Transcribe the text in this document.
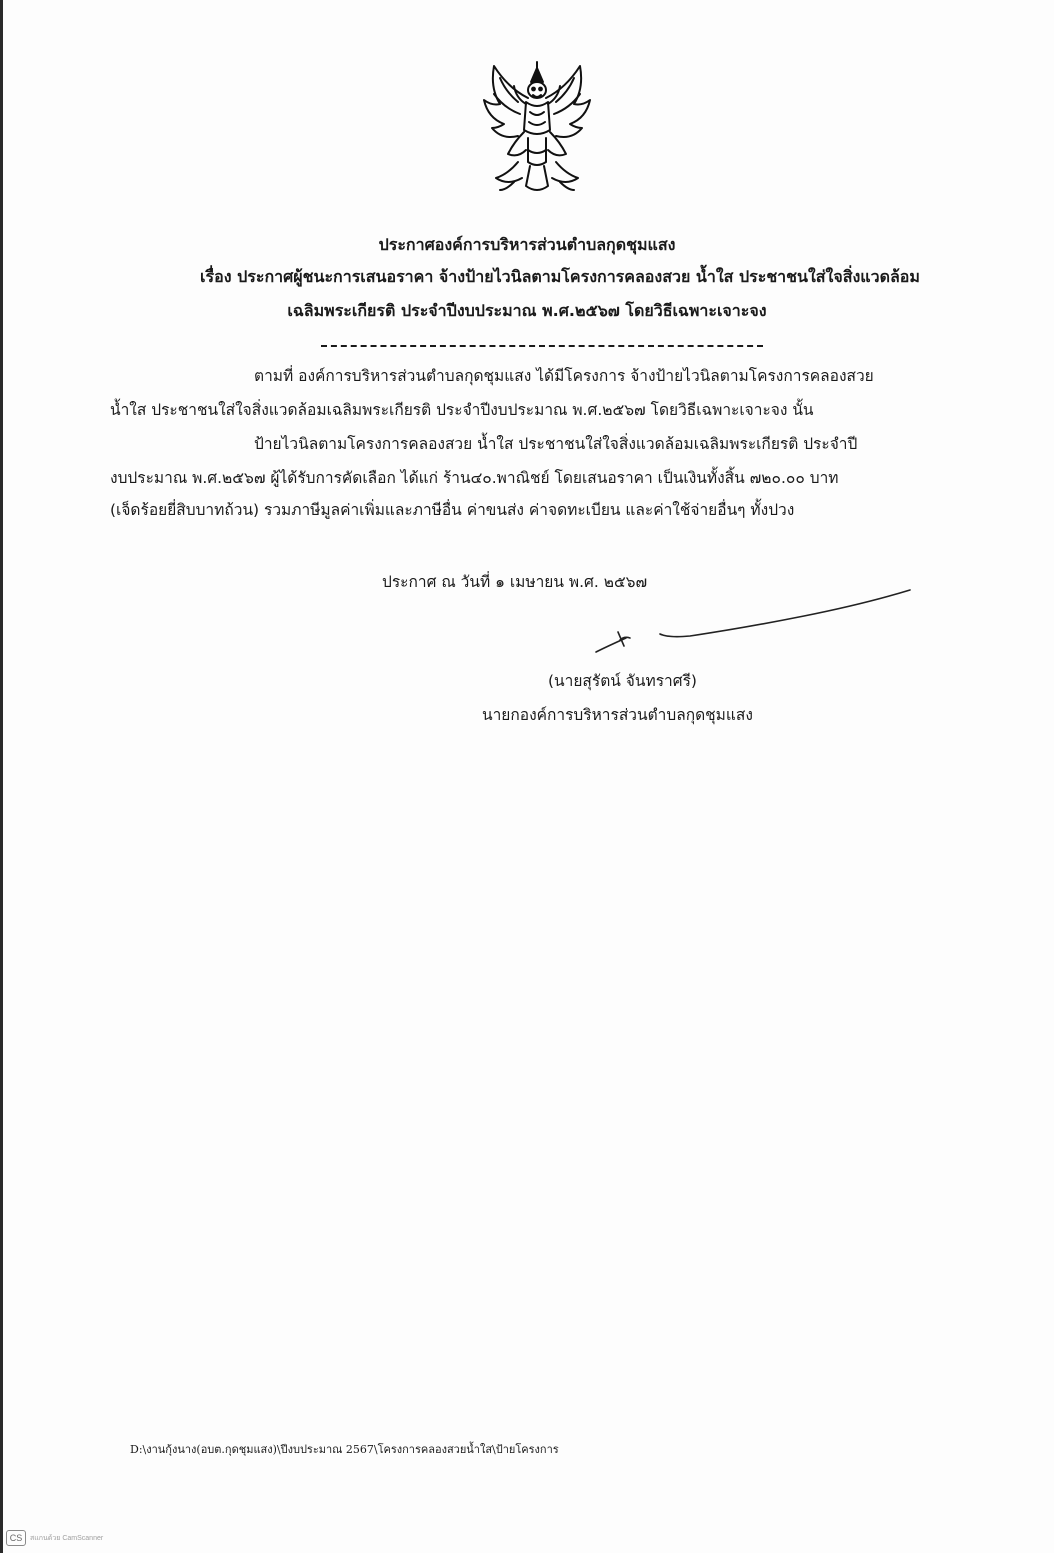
ประกาศองค์การบริหารส่วนตำบลกุดชุมแสง
เรื่อง ประกาศผู้ชนะการเสนอราคา จ้างป้ายไวนิลตามโครงการคลองสวย น้ำใส ประชาชนใส่ใจสิ่งแวดล้อม
เฉลิมพระเกียรติ ประจำปีงบประมาณ พ.ศ.๒๕๖๗ โดยวิธีเฉพาะเจาะจง
ตามที่ องค์การบริหารส่วนตำบลกุดชุมแสง ได้มีโครงการ จ้างป้ายไวนิลตามโครงการคลองสวย
น้ำใส ประชาชนใส่ใจสิ่งแวดล้อมเฉลิมพระเกียรติ ประจำปีงบประมาณ พ.ศ.๒๕๖๗ โดยวิธีเฉพาะเจาะจง นั้น
ป้ายไวนิลตามโครงการคลองสวย น้ำใส ประชาชนใส่ใจสิ่งแวดล้อมเฉลิมพระเกียรติ ประจำปี
งบประมาณ พ.ศ.๒๕๖๗ ผู้ได้รับการคัดเลือก ได้แก่ ร้าน๔๐.พาณิชย์ โดยเสนอราคา เป็นเงินทั้งสิ้น ๗๒๐.๐๐ บาท
(เจ็ดร้อยยี่สิบบาทถ้วน) รวมภาษีมูลค่าเพิ่มและภาษีอื่น ค่าขนส่ง ค่าจดทะเบียน และค่าใช้จ่ายอื่นๆ ทั้งปวง
ประกาศ ณ วันที่ ๑ เมษายน พ.ศ. ๒๕๖๗
(นายสุรัตน์ จันทราศรี)
นายกองค์การบริหารส่วนตำบลกุดชุมแสง
D:\งานกุ้งนาง(อบต.กุดชุมแสง)\ปีงบประมาณ 2567\โครงการคลองสวยน้ำใส\ป้ายโครงการ
CS	สแกนด้วย CamScanner
